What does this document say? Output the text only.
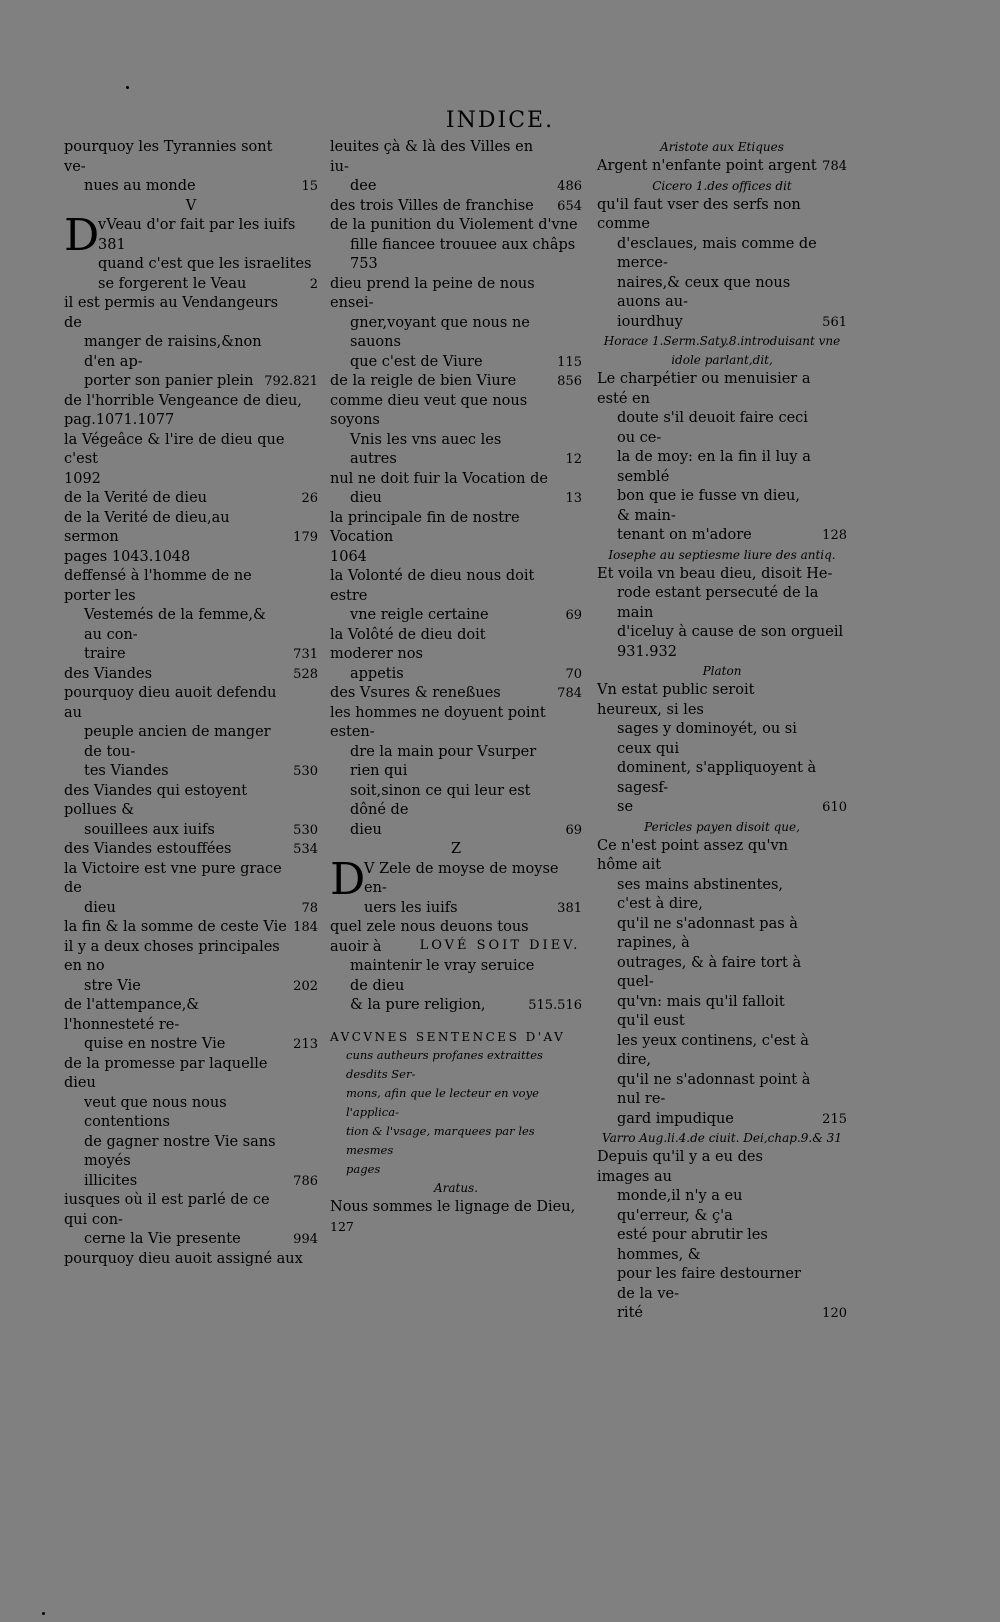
INDICE.
pourquoy les Tyrannies sont ve-
nues au monde	15
V
D
vVeau d'or fait par les iuifs 381
quand c'est que les israelites
se forgerent le Veau	2
il est permis au Vendangeurs de
manger de raisins,&non d'en ap-
porter son panier plein 792.821
de l'horrible Vengeance de dieu,
pag.1071.1077
la Végeâce & l'ire de dieu que c'est
1092
de la Verité de dieu	26
de la Verité de dieu,au sermon	179
pages 1043.1048
deffensé à l'homme de ne porter les
Vestemés de la femme,& au con-
traire	731
des Viandes	528
pourquoy dieu auoit defendu au
peuple ancien de manger de tou-
tes Viandes	530
des Viandes qui estoyent pollues &
souillees aux iuifs	530
des Viandes estouffées	534
la Victoire est vne pure grace de
dieu	78
la fin & la somme de ceste Vie 184
il y a deux choses principales en no
stre Vie	202
de l'attempance,& l'honnesteté re-
quise en nostre Vie	213
de la promesse par laquelle dieu
veut que nous nous contentions
de gagner nostre Vie sans moyés
illicites	786
iusques où il est parlé de ce qui con-
cerne la Vie presente	994
pourquoy dieu auoit assigné aux
leuites çà & là des Villes en iu-
dee	486
des trois Villes de franchise	654
de la punition du Violement d'vne
fille fiancee trouuee aux châps 753
dieu prend la peine de nous ensei-
gner,voyant que nous ne sauons
que c'est de Viure	115
de la reigle de bien Viure	856
comme dieu veut que nous soyons
Vnis les vns auec les autres	12
nul ne doit fuir la Vocation de
dieu	13
la principale fin de nostre Vocation
1064
la Volonté de dieu nous doit estre
vne reigle certaine	69
la Volôté de dieu doit moderer nos
appetis	70
des Vsures & reneßues	784
les hommes ne doyuent point esten-
dre la main pour Vsurper rien qui
soit,sinon ce qui leur est dôné de
dieu	69
Z
D
V Zele de moyse de moyse en-
uers les iuifs	381
quel zele nous deuons tous auoir à
maintenir le vray seruice de dieu
& la pure religion,	515.516
AVCVNES SENTENCES D'AV
cuns autheurs profanes extraittes desdits Ser-
mons, afin que le lecteur en voye l'applica-
tion & l'vsage, marquees par les mesmes
pages
Aratus.
Nous sommes le lignage de Dieu,
127
Aristote aux Etiques
Argent n'enfante point argent 784
Cicero 1.des offices dit
qu'il faut vser des serfs non comme
d'esclaues, mais comme de merce-
naires,& ceux que nous auons au-
iourdhuy	561
Horace 1.Serm.Saty.8.introduisant vne idole parlant,dit,
Le charpétier ou menuisier a esté en
doute s'il deuoit faire ceci ou ce-
la de moy: en la fin il luy a semblé
bon que ie fusse vn dieu, & main-
tenant on m'adore	128
Iosephe au septiesme liure des antiq.
Et voila vn beau dieu, disoit He-
rode estant persecuté de la main
d'iceluy à cause de son orgueil
931.932
Platon
Vn estat public seroit heureux, si les
sages y dominoyét, ou si ceux qui
dominent, s'appliquoyent à sagesf-
se	610
Pericles payen disoit que,
Ce n'est point assez qu'vn hôme ait
ses mains abstinentes, c'est à dire,
qu'il ne s'adonnast pas à rapines, à
outrages, & à faire tort à quel-
qu'vn: mais qu'il falloit qu'il eust
les yeux continens, c'est à dire,
qu'il ne s'adonnast point à nul re-
gard impudique	215
Varro Aug.li.4.de ciuit. Dei,chap.9.& 31
Depuis qu'il y a eu des images au
monde,il n'y a eu qu'erreur, & ç'a
esté pour abrutir les hommes, &
pour les faire destourner de la ve-
rité	120
LOVÉ SOIT DIEV.
